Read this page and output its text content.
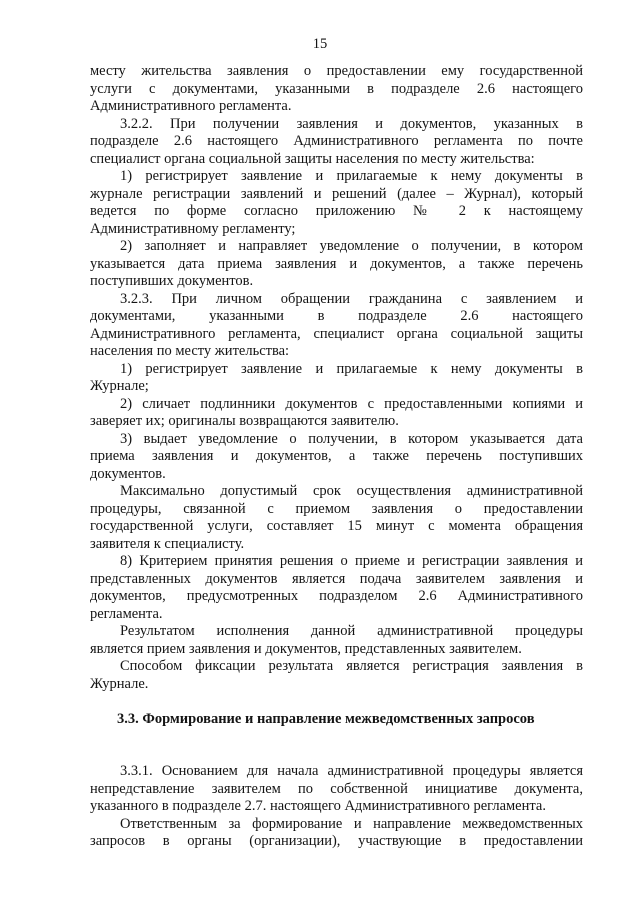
15
месту жительства заявления о предоставлении ему государственной
услуги с документами, указанными в подразделе 2.6 настоящего
Административного регламента.
3.2.2. При получении заявления и документов, указанных в
подразделе 2.6 настоящего Административного регламента по почте
специалист органа социальной защиты населения по месту жительства:
1) регистрирует заявление и прилагаемые к нему документы в
журнале регистрации заявлений и решений (далее – Журнал), который
ведется по форме согласно приложению № 2 к настоящему
Административному регламенту;
2) заполняет и направляет уведомление о получении, в котором
указывается дата приема заявления и документов, а также перечень
поступивших документов.
3.2.3. При личном обращении гражданина с заявлением и
документами, указанными в подразделе 2.6 настоящего
Административного регламента, специалист органа социальной защиты
населения по месту жительства:
1) регистрирует заявление и прилагаемые к нему документы в
Журнале;
2) сличает подлинники документов с предоставленными копиями и
заверяет их; оригиналы возвращаются заявителю.
3) выдает уведомление о получении, в котором указывается дата
приема заявления и документов, а также перечень поступивших
документов.
Максимально допустимый срок осуществления административной
процедуры, связанной с приемом заявления о предоставлении
государственной услуги, составляет 15 минут с момента обращения
заявителя к специалисту.
8) Критерием принятия решения о приеме и регистрации заявления и
представленных документов является подача заявителем заявления и
документов, предусмотренных подразделом 2.6 Административного
регламента.
Результатом исполнения данной административной процедуры
является прием заявления и документов, представленных заявителем.
Способом фиксации результата является регистрация заявления в
Журнале.
3.3. Формирование и направление межведомственных запросов
3.3.1. Основанием для начала административной процедуры является
непредставление заявителем по собственной инициативе документа,
указанного в подразделе 2.7. настоящего Административного регламента.
Ответственным за формирование и направление межведомственных
запросов в органы (организации), участвующие в предоставлении
